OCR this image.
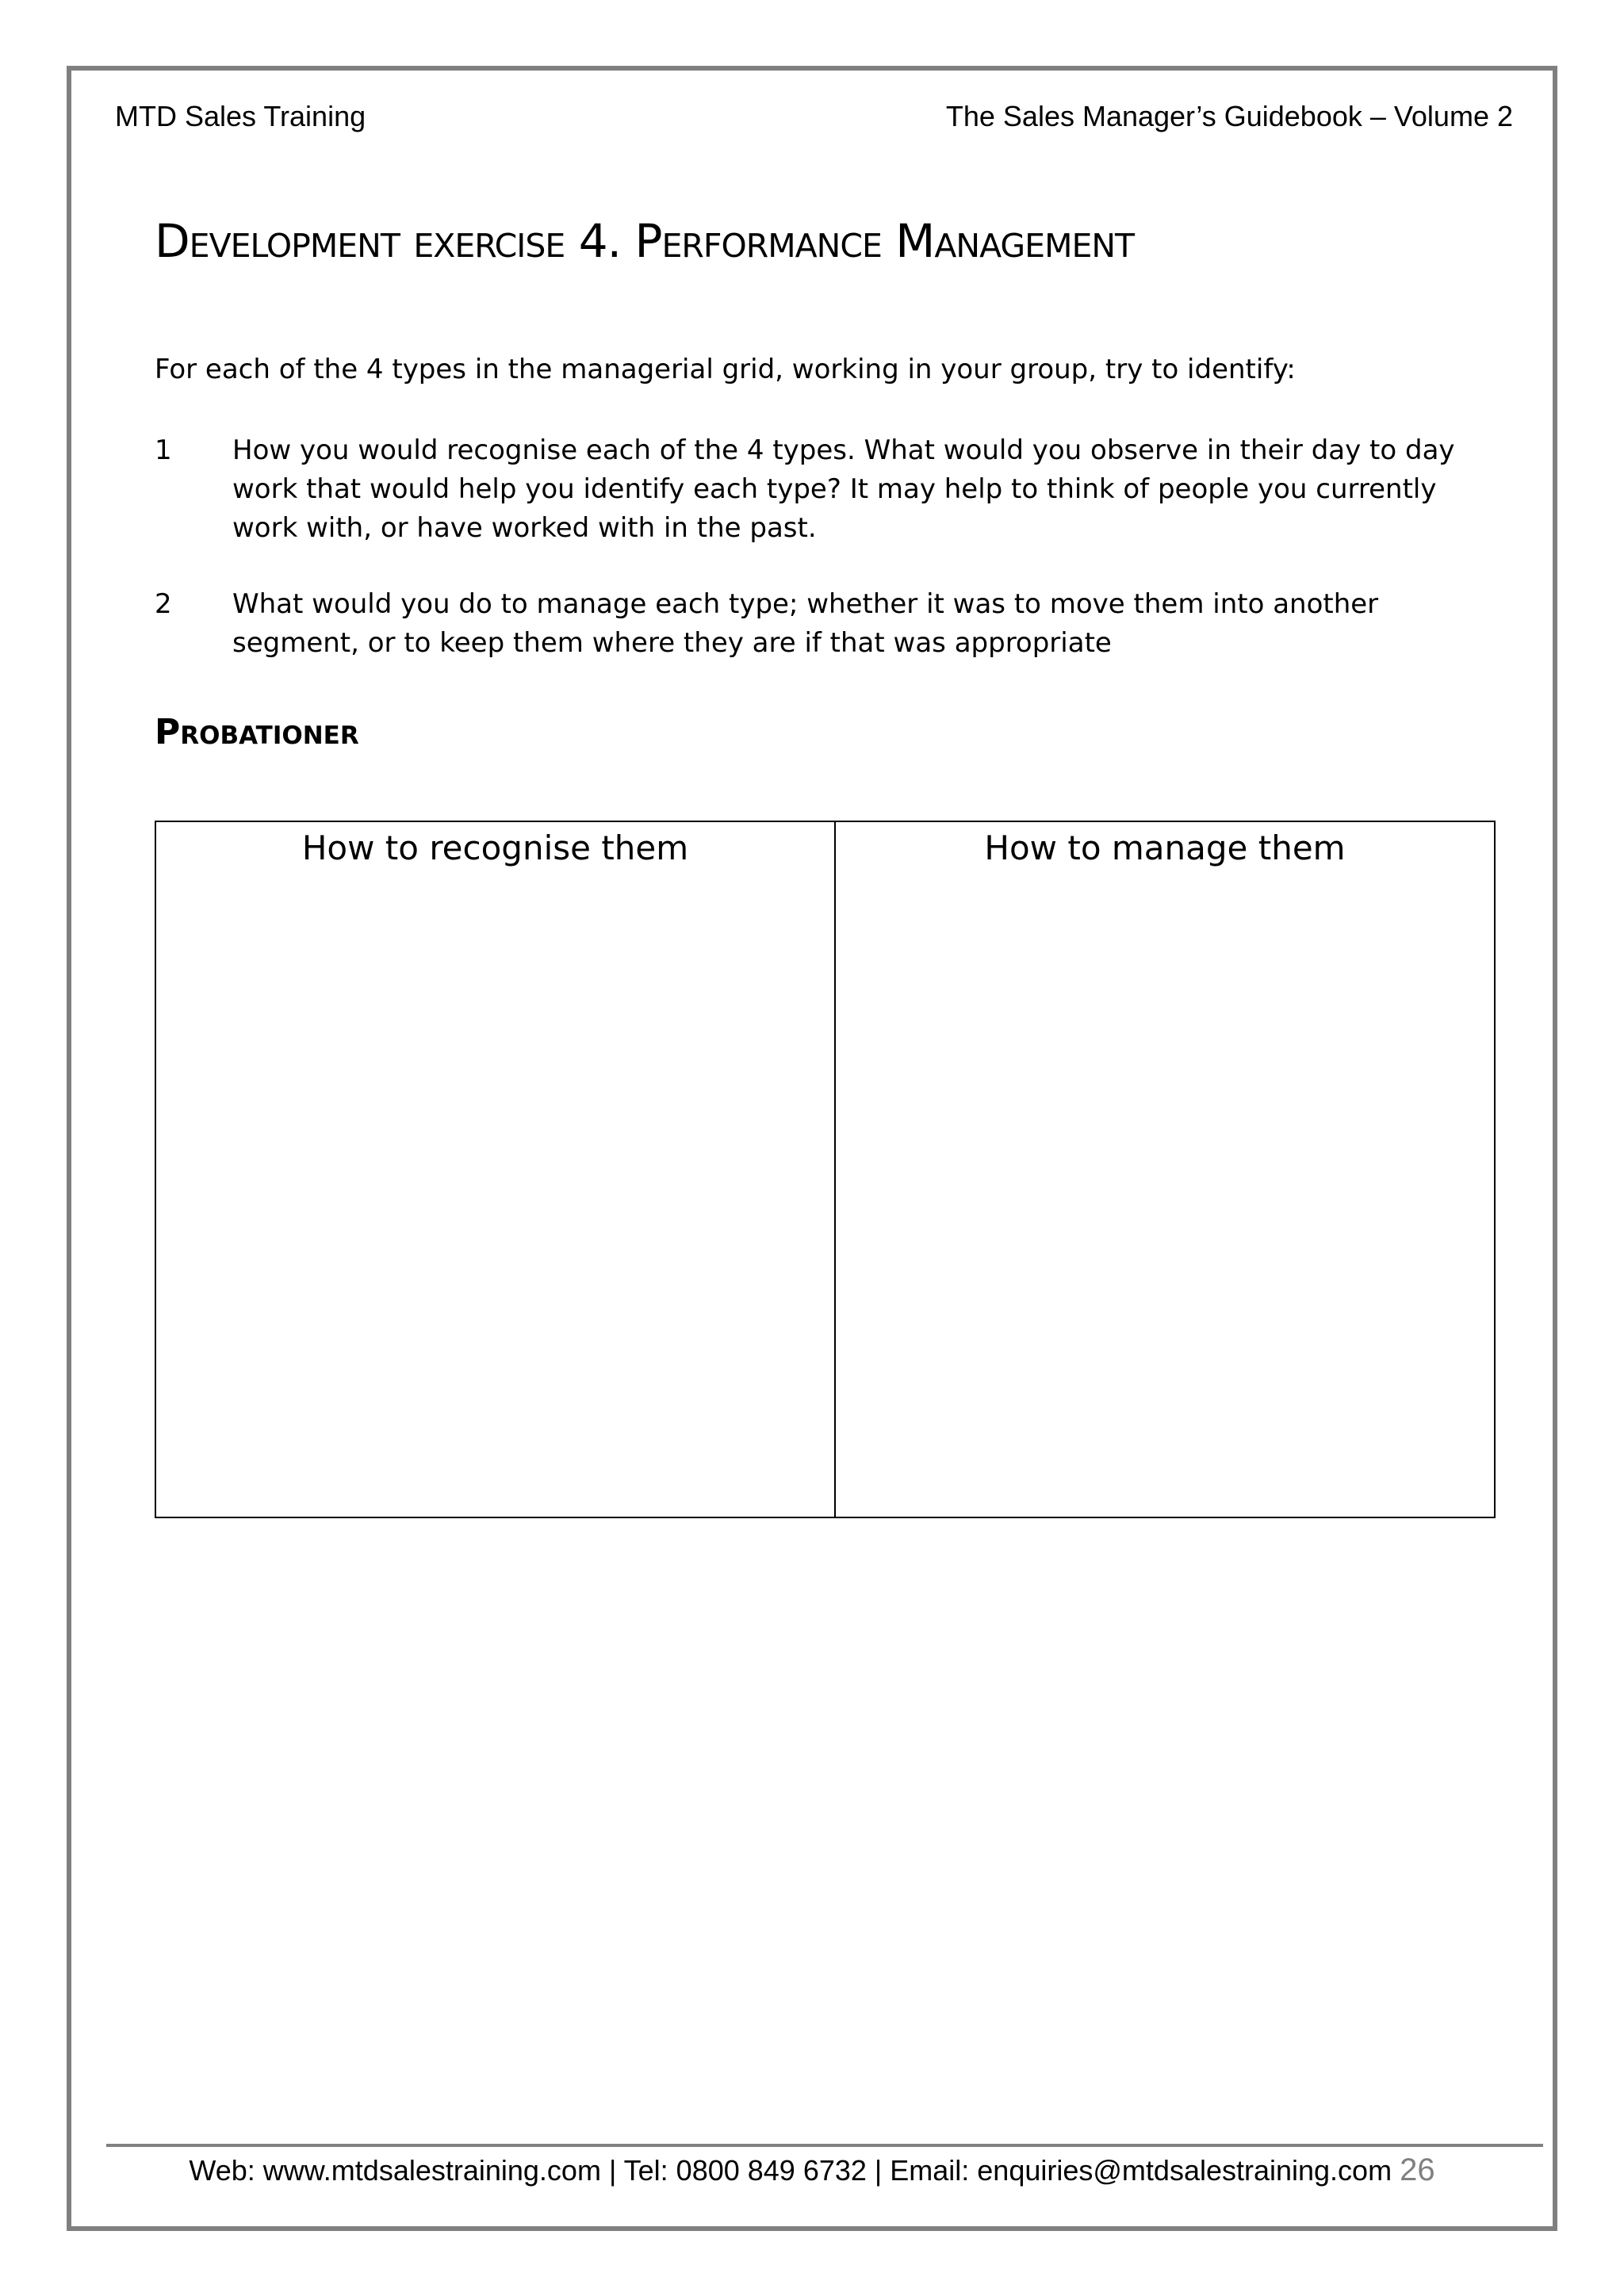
MTD Sales Training	The Sales Manager’s Guidebook – Volume 2
Development exercise 4. Performance Management
For each of the 4 types in the managerial grid, working in your group, try to identify:
1 How you would recognise each of the 4 types. What would you observe in their day to day work that would help you identify each type? It may help to think of people you currently work with, or have worked with in the past.
2 What would you do to manage each type; whether it was to move them into another segment, or to keep them where they are if that was appropriate
Probationer
How to recognise them	How to manage them
Web: www.mtdsalestraining.com | Tel: 0800 849 6732 | Email: enquiries@mtdsalestraining.com 26
